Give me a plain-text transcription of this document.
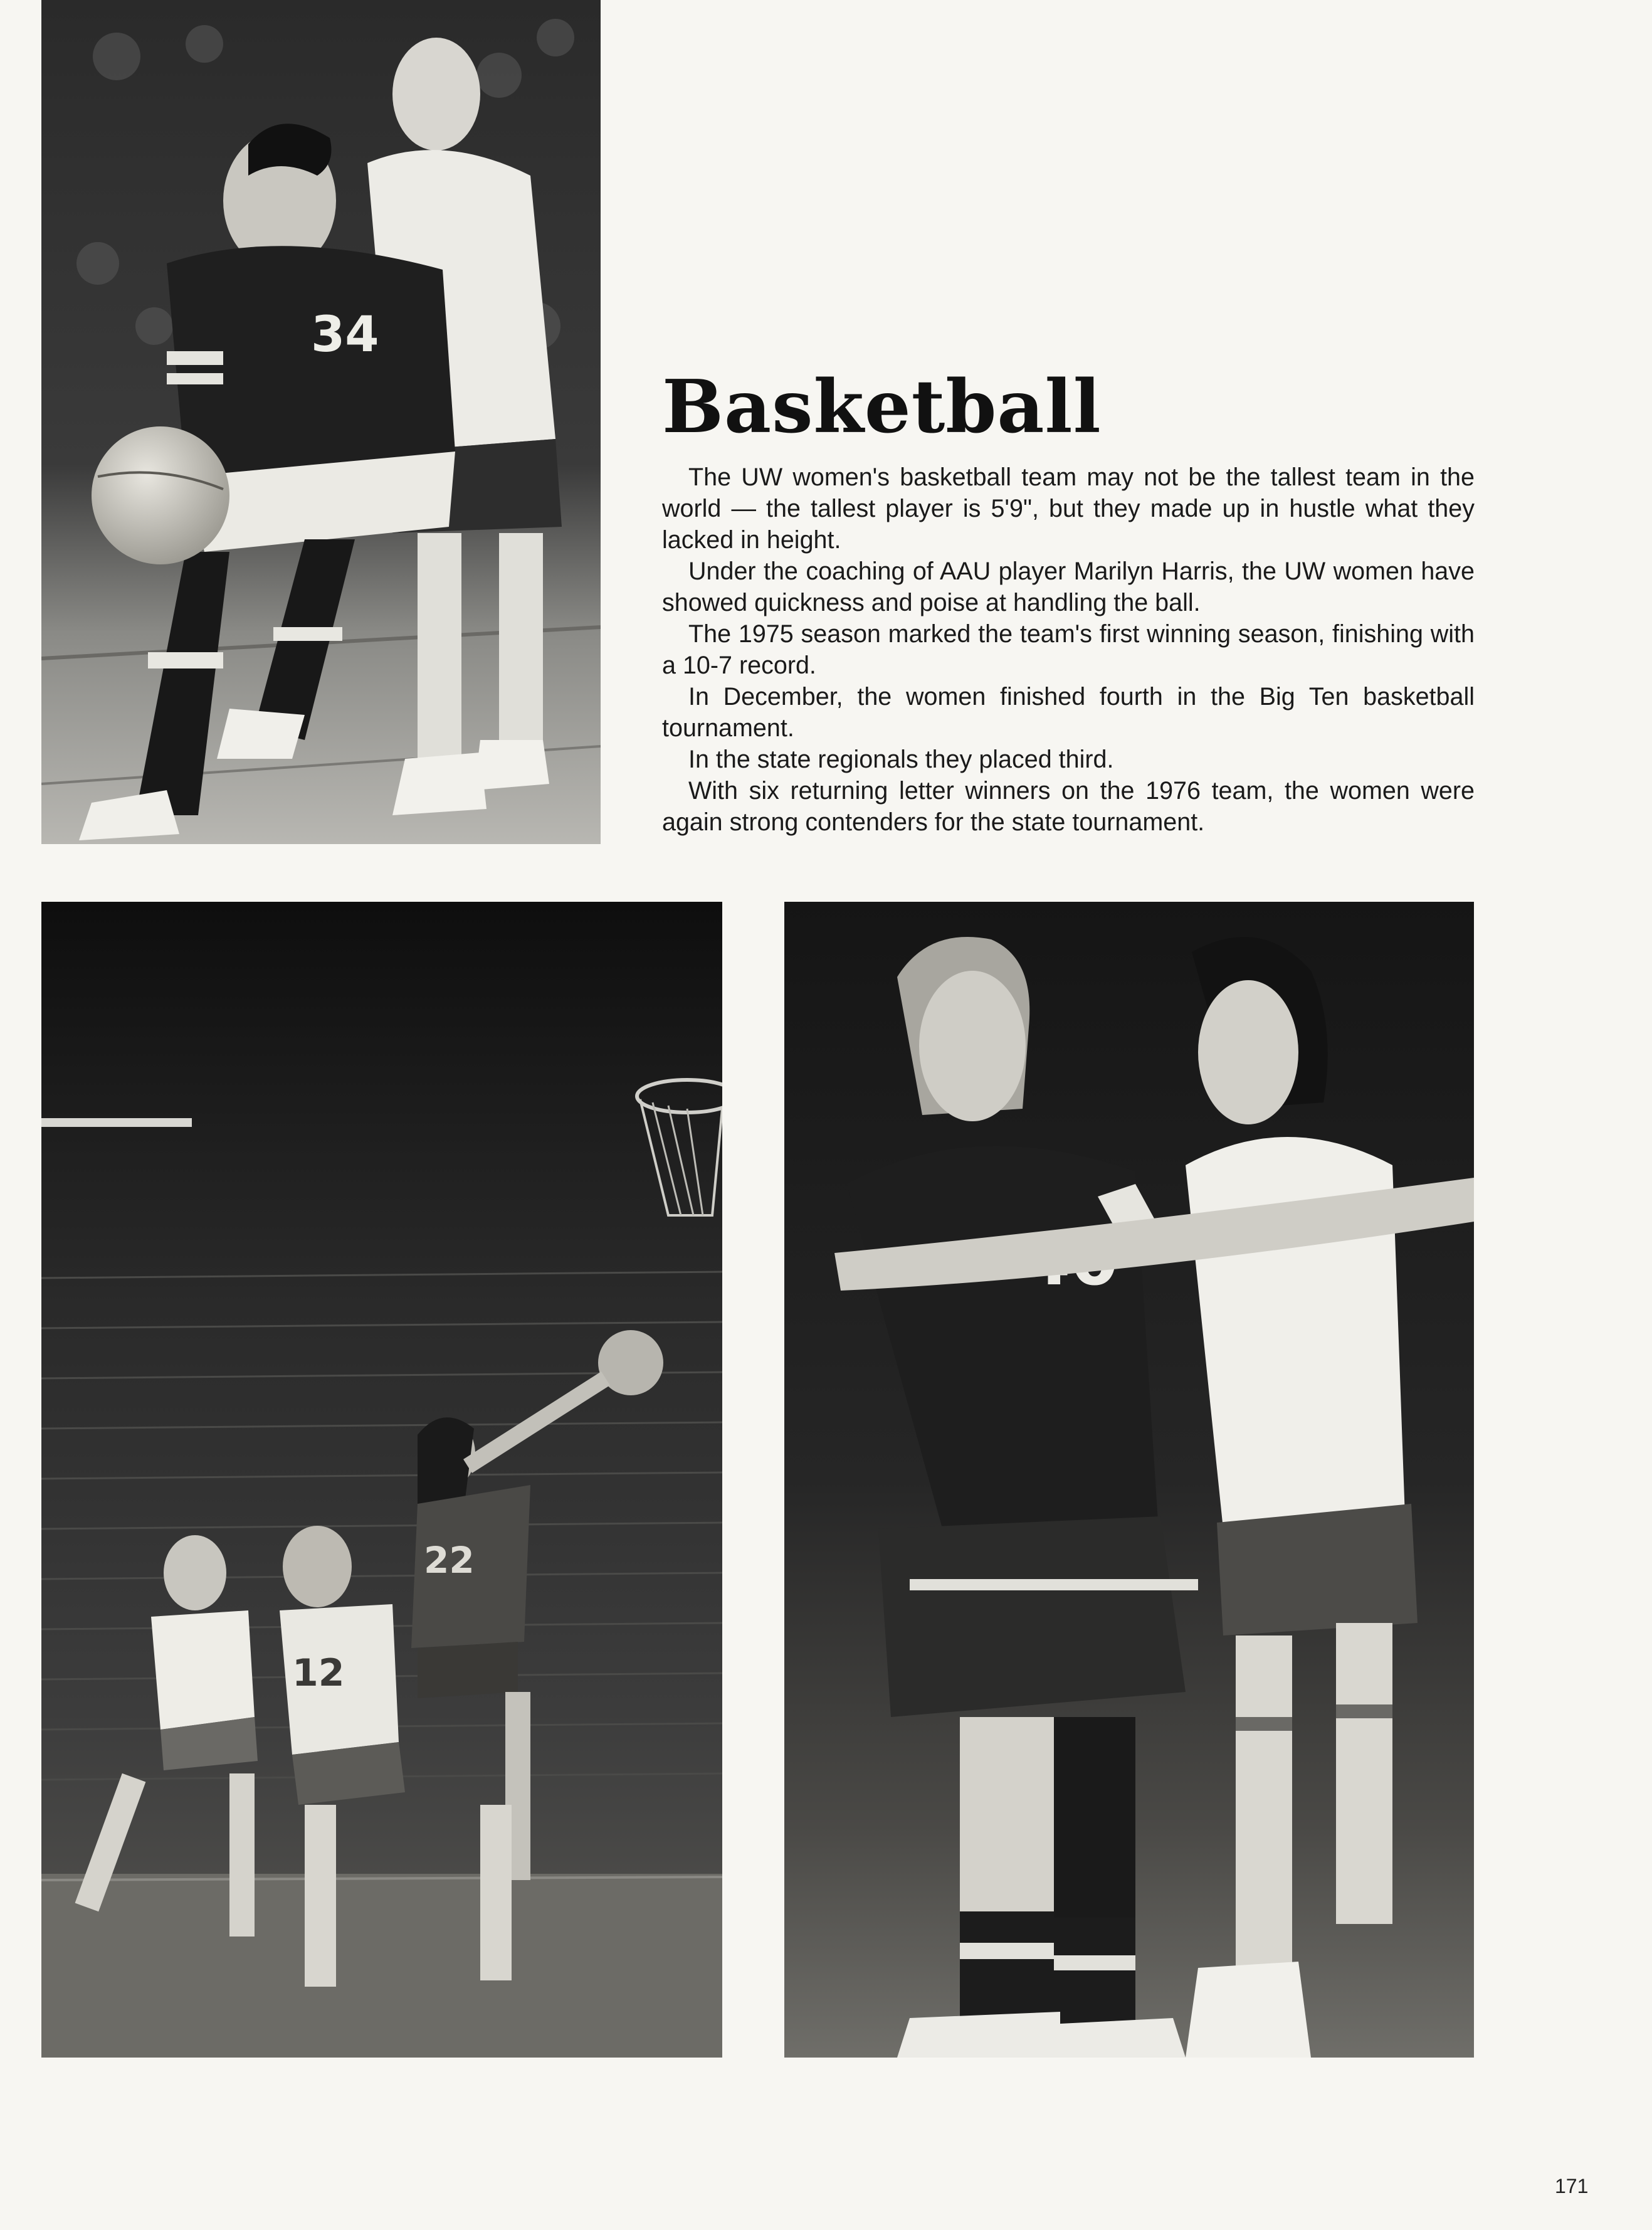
34
Basketball

The UW women's basketball team may not be the tallest team in the world — the tallest player is 5'9", but they made up in hustle what they lacked in height.

Under the coaching of AAU player Marilyn Harris, the UW women have showed quickness and poise at handling the ball.

The 1975 season marked the team's first winning season, finishing with a 10-7 record.

In December, the women finished fourth in the Big Ten basketball tournament.

In the state regionals they placed third.

With six returning letter winners on the 1976 team, the women were again strong contenders for the state tournament.

22
12
171
